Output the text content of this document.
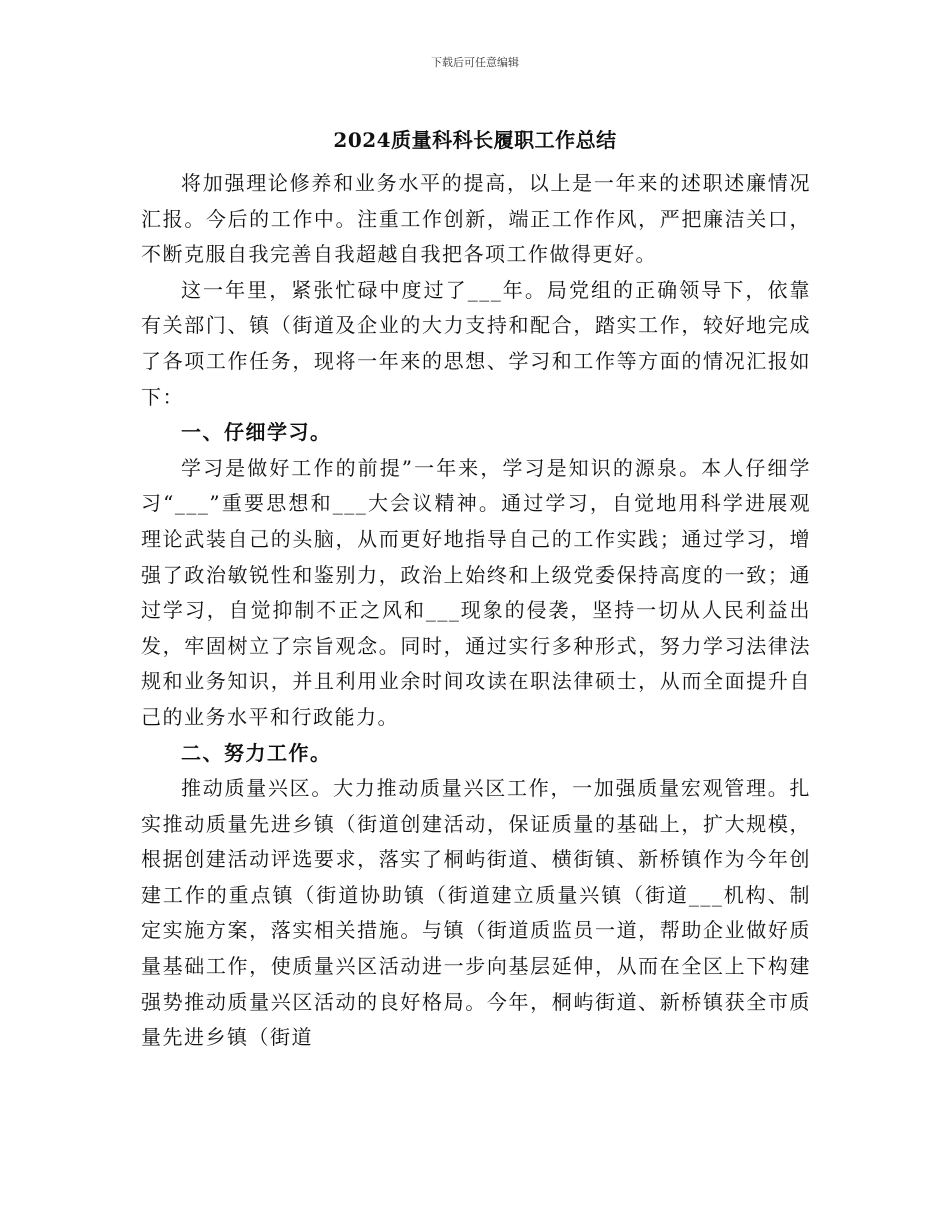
下载后可任意编辑
2024质量科科长履职工作总结

将加强理论修养和业务水平的提高，以上是一年来的述职述廉情况汇报。今后的工作中。注重工作创新，端正工作作风，严把廉洁关口，不断克服自我完善自我超越自我把各项工作做得更好。

这一年里，紧张忙碌中度过了___年。局党组的正确领导下，依靠有关部门、镇（街道及企业的大力支持和配合，踏实工作，较好地完成了各项工作任务，现将一年来的思想、学习和工作等方面的情况汇报如下：

一、仔细学习。

学习是做好工作的前提”一年来，学习是知识的源泉。本人仔细学习“___”重要思想和___大会议精神。通过学习，自觉地用科学进展观理论武装自己的头脑，从而更好地指导自己的工作实践；通过学习，增强了政治敏锐性和鉴别力，政治上始终和上级党委保持高度的一致；通过学习，自觉抑制不正之风和___现象的侵袭，坚持一切从人民利益出发，牢固树立了宗旨观念。同时，通过实行多种形式，努力学习法律法规和业务知识，并且利用业余时间攻读在职法律硕士，从而全面提升自己的业务水平和行政能力。

二、努力工作。

推动质量兴区。大力推动质量兴区工作，一加强质量宏观管理。扎实推动质量先进乡镇（街道创建活动，保证质量的基础上，扩大规模，根据创建活动评选要求，落实了桐屿街道、横街镇、新桥镇作为今年创建工作的重点镇（街道协助镇（街道建立质量兴镇（街道___机构、制定实施方案，落实相关措施。与镇（街道质监员一道，帮助企业做好质量基础工作，使质量兴区活动进一步向基层延伸，从而在全区上下构建强势推动质量兴区活动的良好格局。今年，桐屿街道、新桥镇获全市质量先进乡镇（街道
